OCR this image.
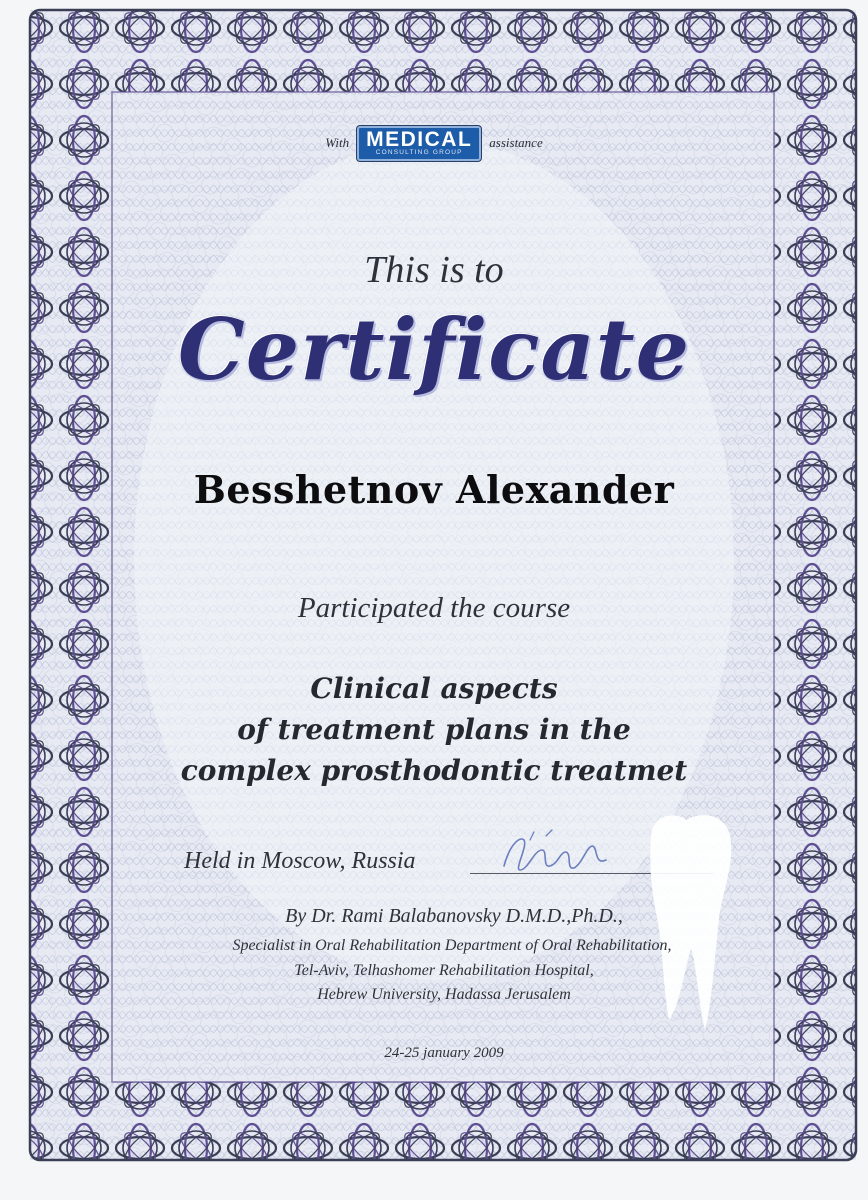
With MEDICAL
CONSULTING GROUP
assistance
This is to
Certificate
Besshetnov Alexander
Participated the course
Clinical aspects
of treatment plans in the
complex prosthodontic treatmet
Held in Moscow, Russia
By Dr. Rami Balabanovsky D.M.D.,Ph.D.,
Specialist in Oral Rehabilitation Department of Oral Rehabilitation,
Tel-Aviv, Telhashomer Rehabilitation Hospital,
Hebrew University, Hadassa Jerusalem
24-25 january 2009
